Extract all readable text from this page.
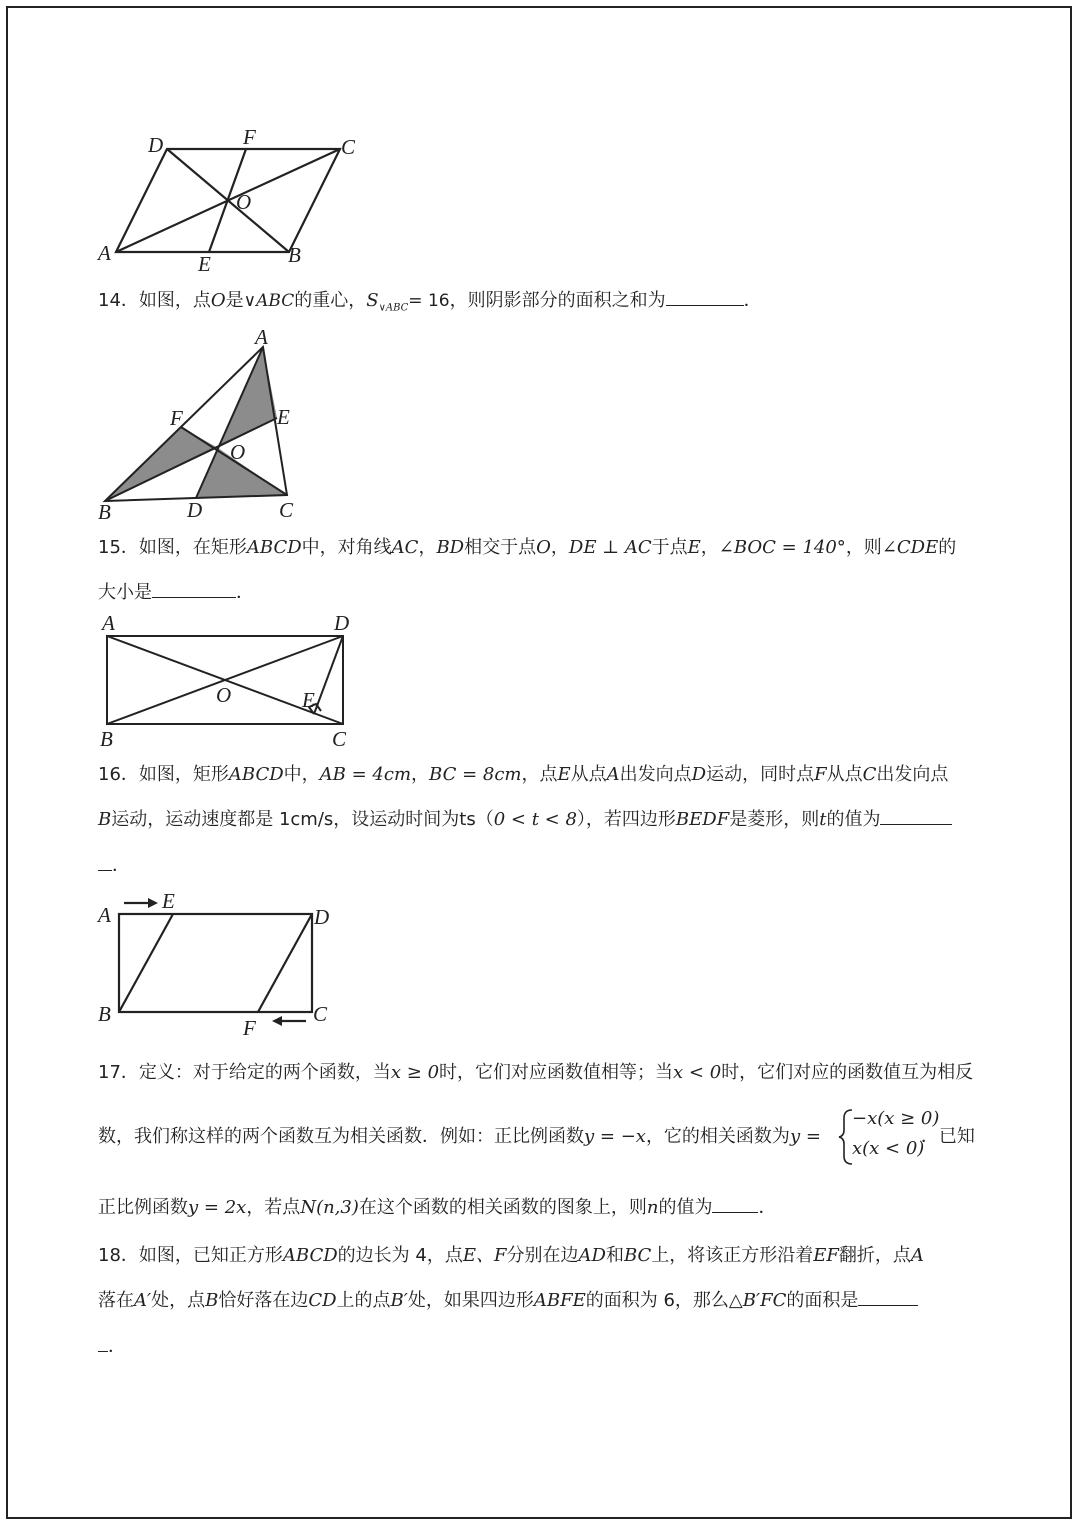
D	F	C
O
A	E	B
14．如图，点O是∨ABC的重心，$S_{\vee ABC}= 16$，则阴影部分的面积之和为	．
A
F	E
O
B	D	C
15．如图，在矩形ABCD中，对角线AC，BD相交于点O，DE ⊥ AC于点E，∠BOC = 140°，则∠CDE的
大小是	．
A	D
O	E
B	C
16．如图，矩形ABCD中，AB = 4cm，BC = 8cm，点E从点A出发向点D运动，同时点F从点C出发向点
B运动，运动速度都是 1cm/s，设运动时间为ts（0 < t < 8），若四边形BEDF是菱形，则t的值为
．
A
E
D
B
F
C
17．定义：对于给定的两个函数，当x ≥ 0时，它们对应函数值相等；当x < 0时，它们对应的函数值互为相反
数，我们称这样的两个函数互为相关函数．例如：正比例函数y = −x，它的相关函数为y =	．已知
−x(x ≥ 0)
x(x < 0)
正比例函数y = 2x，若点N(n,3)在这个函数的相关函数的图象上，则n的值为	．
18．如图，已知正方形ABCD的边长为 4，点E、F分别在边AD和BC上，将该正方形沿着EF翻折，点A
落在A′处，点B恰好落在边CD上的点B′处，如果四边形ABFE的面积为 6，那么△B′FC的面积是
．
